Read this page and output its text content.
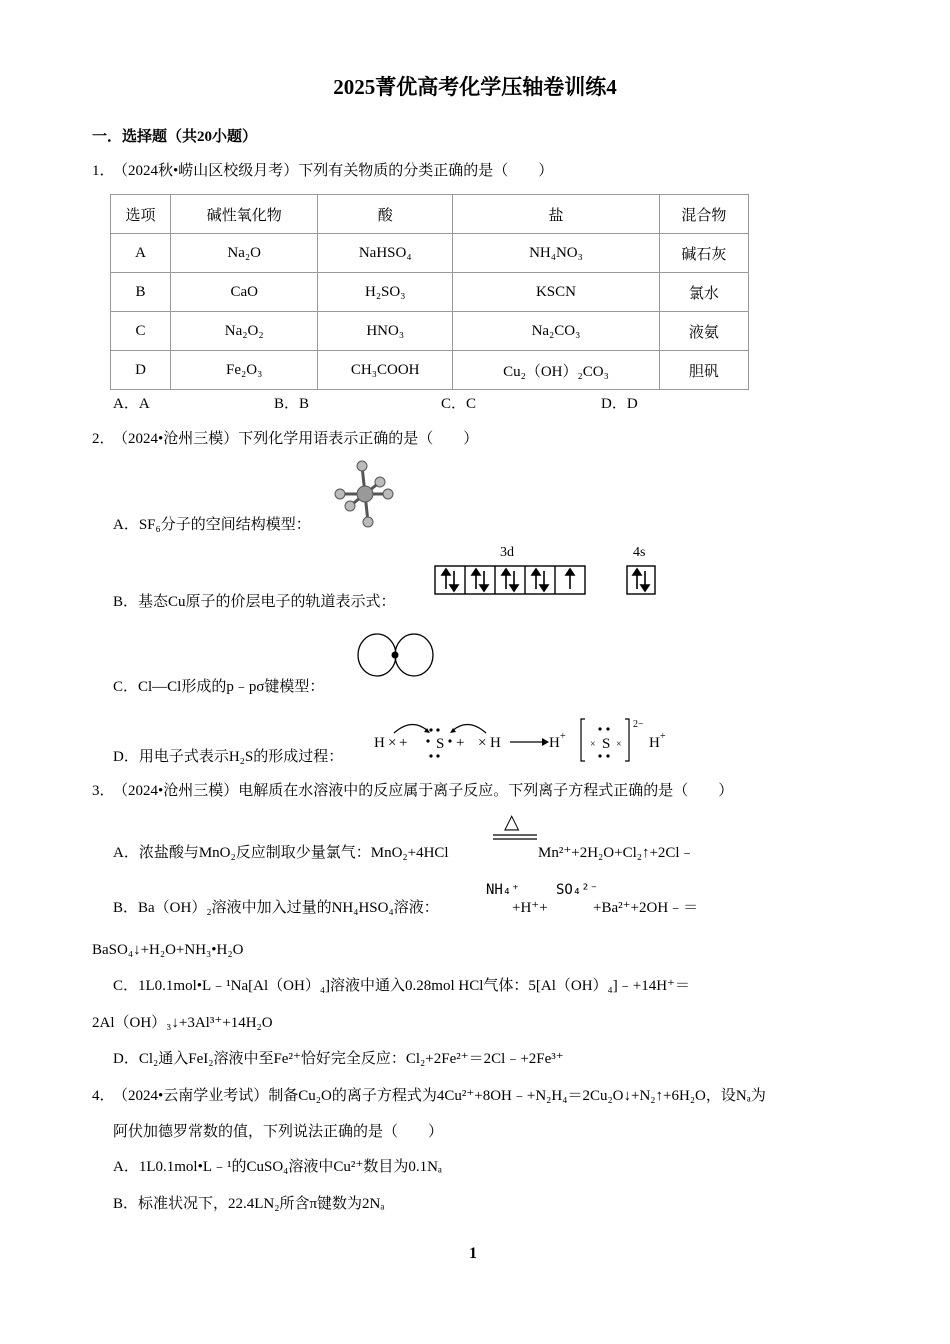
2025菁优高考化学压轴卷训练4
一．选择题（共20小题）
1．
（2024秋•崂山区校级月考）下列有关物质的分类正确的是（　　）
选项	碱性氧化物	酸	盐	混合物
A	Na₂O	NaHSO₄	NH₄NO₃	碱石灰
B	CaO	H₂SO₃	KSCN	氯水
C	Na₂O₂	HNO₃	Na₂CO₃	液氨
D	Fe₂O₃	CH₃COOH	Cu₂（OH）₂CO₃	胆矾
A．A	B．B	C．C	D．D
2．
（2024•沧州三模）下列化学用语表示正确的是（　　）
A．SF₆分子的空间结构模型：
3d	4s
B．基态Cu原子的价层电子的轨道表示式：
C．Cl—Cl形成的p﹣pσ键模型：
D．用电子式表示H₂S的形成过程：
H × + S + × H	H + S
2−
H +
× ×
3．
（2024•沧州三模）电解质在水溶液中的反应属于离子反应。下列离子方程式正确的是（　　）
A．浓盐酸与MnO₂反应制取少量氯气：MnO₂+4HCl
△
Mn²⁺+2H₂O+Cl₂↑+2Cl﹣
B．Ba（OH）₂溶液中加入过量的NH₄HSO₄溶液：
NH₄⁺
+H⁺+
SO₄²⁻
+Ba²⁺+2OH﹣＝
BaSO₄↓+H₂O+NH₃•H₂O
C．1L0.1mol•L﹣¹Na[Al（OH）₄]溶液中通入0.28mol HCl气体：5[Al（OH）₄]﹣+14H⁺＝
2Al（OH）₃↓+3Al³⁺+14H₂O
D．Cl₂通入FeI₂溶液中至Fe²⁺恰好完全反应：Cl₂+2Fe²⁺＝2Cl﹣+2Fe³⁺
4．
（2024•云南学业考试）制备Cu₂O的离子方程式为4Cu²⁺+8OH﹣+N₂H₄＝2Cu₂O↓+N₂↑+6H₂O，设Nₐ为
阿伏加德罗常数的值，下列说法正确的是（　　）
A．1L0.1mol•L﹣¹的CuSO₄溶液中Cu²⁺数目为0.1Nₐ
B．标准状况下，22.4LN₂所含π键数为2Nₐ
1
